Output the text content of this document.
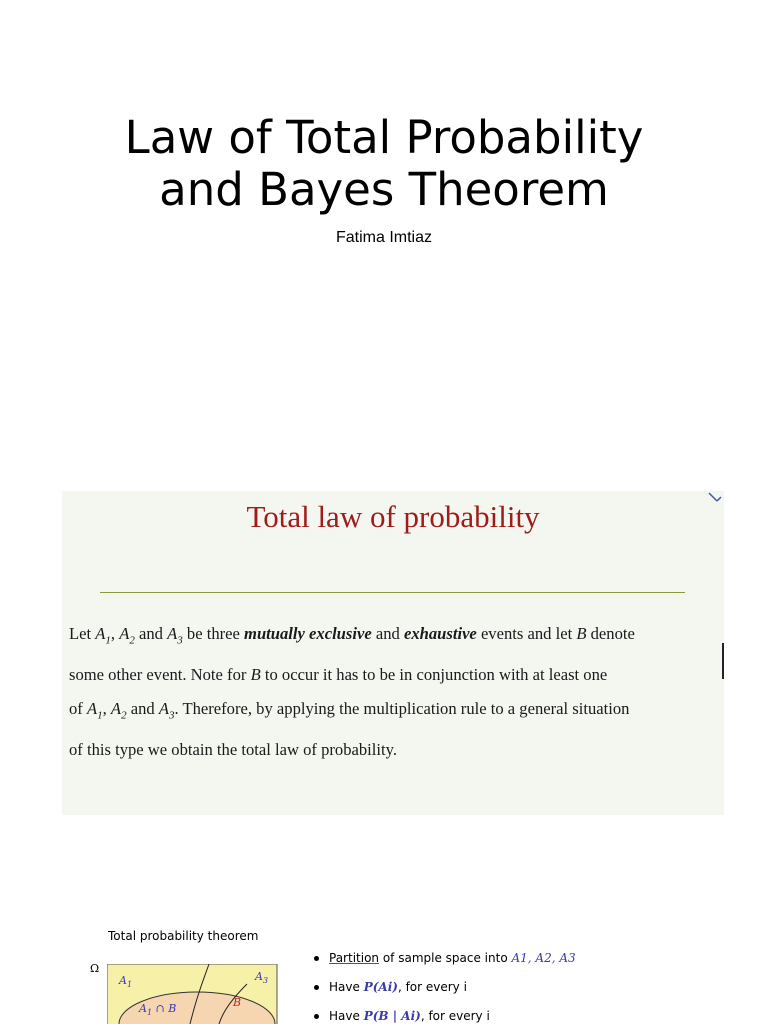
Law of Total Probability
and Bayes Theorem
Fatima Imtiaz
Total law of probability
Let $A_1$, $A_2$ and $A_3$ be three mutually exclusive and exhaustive events and let B denote
some other event. Note for B to occur it has to be in conjunction with at least one
of $A_1$, $A_2$ and $A_3$. Therefore, by applying the multiplication rule to a general situation
of this type we obtain the total law of probability.
Total probability theorem
Ω
$A_1$
$A_3$
$A_1$ ∩ B	B
Partition of sample space into A1, A2, A3
Have P(Ai), for every i
Have P(B | Ai), for every i
